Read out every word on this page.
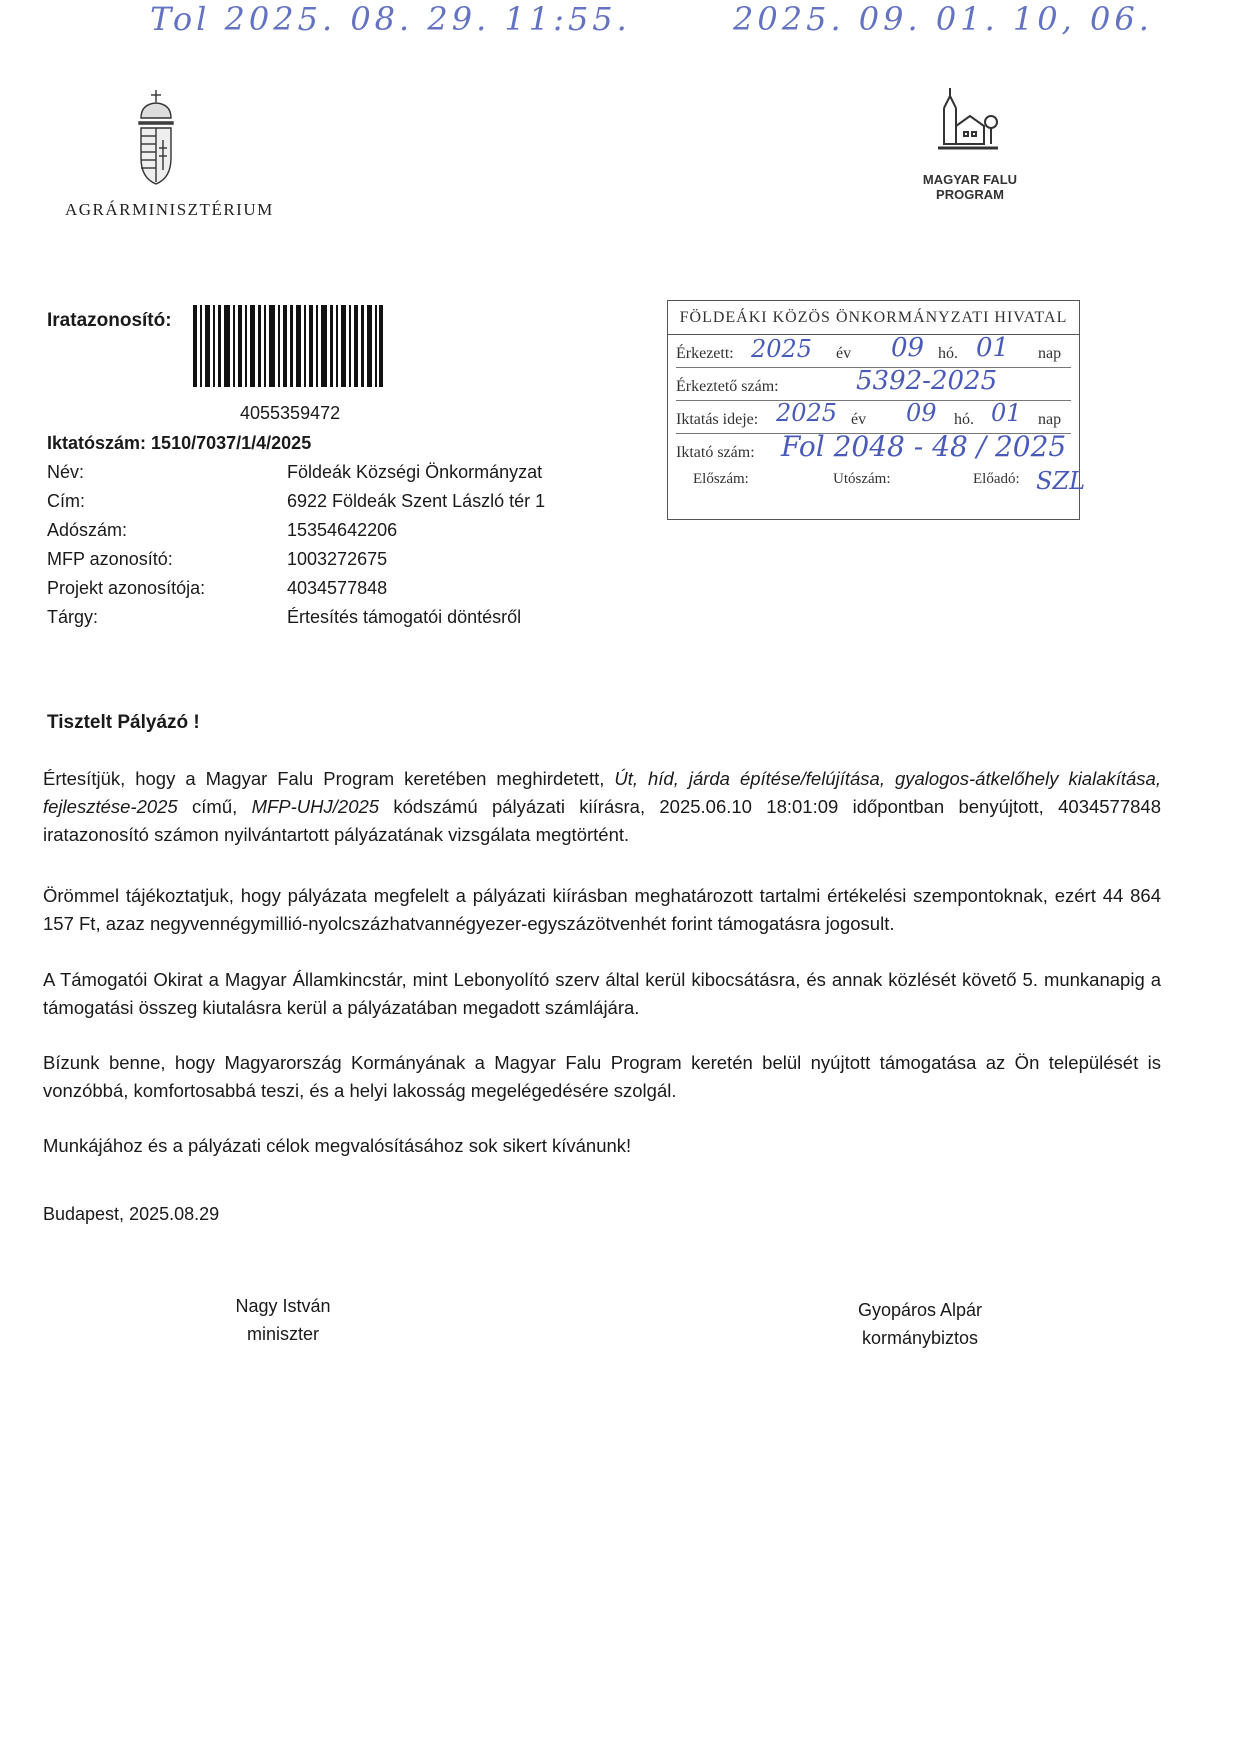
Tol 2025. 08. 29. 11:55.	2025. 09. 01. 10, 06.
AGRÁRMINISZTÉRIUM
MAGYAR FALU
PROGRAM
Iratazonosító:
4055359472
Iktatószám: 1510/7037/1/4/2025
Név:	Földeák Községi Önkormányzat
Cím:	6922 Földeák Szent László tér 1
Adószám:	15354642206
MFP azonosító:	1003272675
Projekt azonosítója:	4034577848
Tárgy:	Értesítés támogatói döntésről
FÖLDEÁKI KÖZÖS ÖNKORMÁNYZATI HIVATAL
Érkezett: 2025 év 09 hó. 01 nap
Érkeztető szám:	5392-2025
Iktatás ideje: 2025 év 09 hó. 01 nap
Iktató szám: Fol 2048 - 48 / 2025
Előszám:	Utószám:	Előadó: SZL
Tisztelt Pályázó !
Értesítjük, hogy a Magyar Falu Program keretében meghirdetett, Út, híd, járda építése/felújítása, gyalogos-átkelőhely kialakítása, fejlesztése-2025 című, MFP-UHJ/2025 kódszámú pályázati kiírásra, 2025.06.10 18:01:09 időpontban benyújtott, 4034577848 iratazonosító számon nyilvántartott pályázatának vizsgálata megtörtént.
Örömmel tájékoztatjuk, hogy pályázata megfelelt a pályázati kiírásban meghatározott tartalmi értékelési szempontoknak, ezért 44 864 157 Ft, azaz negyvennégymillió-nyolcszázhatvannégyezer-egyszázötvenhét forint támogatásra jogosult.
A Támogatói Okirat a Magyar Államkincstár, mint Lebonyolító szerv által kerül kibocsátásra, és annak közlését követő 5. munkanapig a támogatási összeg kiutalásra kerül a pályázatában megadott számlájára.
Bízunk benne, hogy Magyarország Kormányának a Magyar Falu Program keretén belül nyújtott támogatása az Ön települését is vonzóbbá, komfortosabbá teszi, és a helyi lakosság megelégedésére szolgál.
Munkájához és a pályázati célok megvalósításához sok sikert kívánunk!
Budapest, 2025.08.29
Nagy István
miniszter
Gyopáros Alpár
kormánybiztos
